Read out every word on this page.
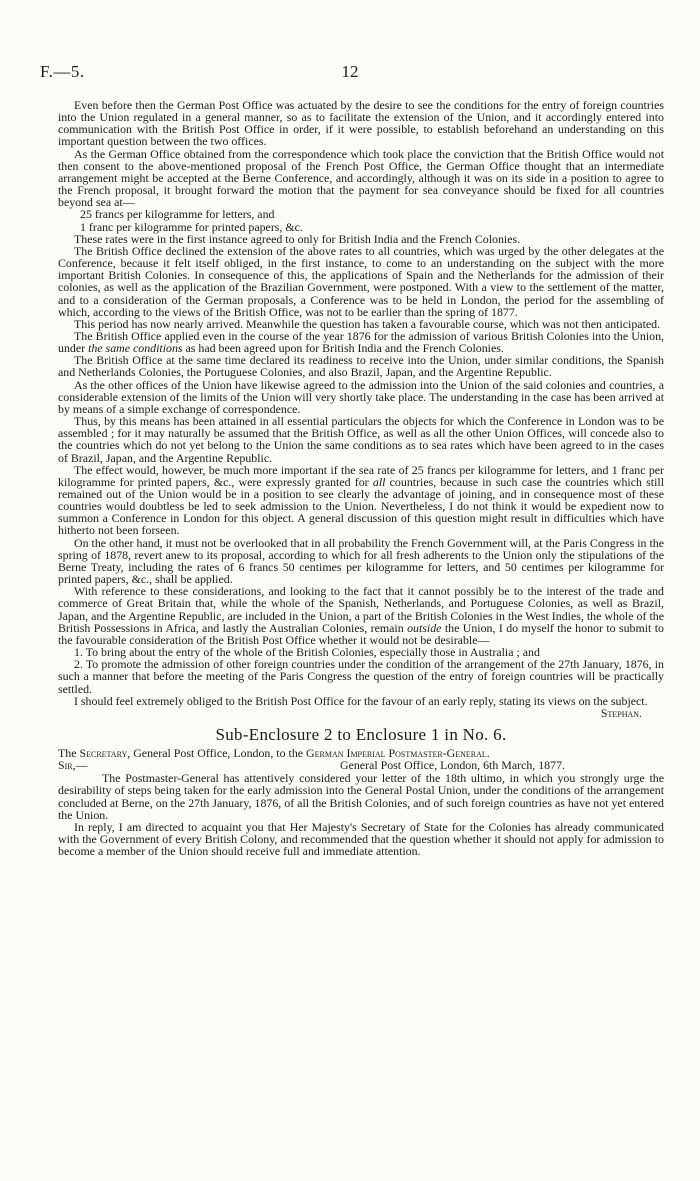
F.—5.	12

Even before then the German Post Office was actuated by the desire to see the conditions for the entry of foreign countries into the Union regulated in a general manner, so as to facilitate the extension of the Union, and it accordingly entered into communication with the British Post Office in order, if it were possible, to establish beforehand an understanding on this important question between the two offices.

As the German Office obtained from the correspondence which took place the conviction that the British Office would not then consent to the above-mentioned proposal of the French Post Office, the German Office thought that an intermediate arrangement might be accepted at the Berne Conference, and accordingly, although it was on its side in a position to agree to the French proposal, it brought forward the motion that the payment for sea conveyance should be fixed for all countries beyond sea at—

25 francs per kilogramme for letters, and

1 franc per kilogramme for printed papers, &c.

These rates were in the first instance agreed to only for British India and the French Colonies.

The British Office declined the extension of the above rates to all countries, which was urged by the other delegates at the Conference, because it felt itself obliged, in the first instance, to come to an understanding on the subject with the more important British Colonies. In consequence of this, the applications of Spain and the Netherlands for the admission of their colonies, as well as the application of the Brazilian Government, were postponed. With a view to the settlement of the matter, and to a consideration of the German proposals, a Conference was to be held in London, the period for the assembling of which, according to the views of the British Office, was not to be earlier than the spring of 1877.

This period has now nearly arrived. Meanwhile the question has taken a favourable course, which was not then anticipated.

The British Office applied even in the course of the year 1876 for the admission of various British Colonies into the Union, under the same conditions as had been agreed upon for British India and the French Colonies.

The British Office at the same time declared its readiness to receive into the Union, under similar conditions, the Spanish and Netherlands Colonies, the Portuguese Colonies, and also Brazil, Japan, and the Argentine Republic.

As the other offices of the Union have likewise agreed to the admission into the Union of the said colonies and countries, a considerable extension of the limits of the Union will very shortly take place. The understanding in the case has been arrived at by means of a simple exchange of correspondence.

Thus, by this means has been attained in all essential particulars the objects for which the Conference in London was to be assembled ; for it may naturally be assumed that the British Office, as well as all the other Union Offices, will concede also to the countries which do not yet belong to the Union the same conditions as to sea rates which have been agreed to in the cases of Brazil, Japan, and the Argentine Republic.

The effect would, however, be much more important if the sea rate of 25 francs per kilogramme for letters, and 1 franc per kilogramme for printed papers, &c., were expressly granted for all countries, because in such case the countries which still remained out of the Union would be in a position to see clearly the advantage of joining, and in consequence most of these countries would doubtless be led to seek admission to the Union. Nevertheless, I do not think it would be expedient now to summon a Conference in London for this object. A general discussion of this question might result in difficulties which have hitherto not been forseen.

On the other hand, it must not be overlooked that in all probability the French Government will, at the Paris Congress in the spring of 1878, revert anew to its proposal, according to which for all fresh adherents to the Union only the stipulations of the Berne Treaty, including the rates of 6 francs 50 centimes per kilogramme for letters, and 50 centimes per kilogramme for printed papers, &c., shall be applied.

With reference to these considerations, and looking to the fact that it cannot possibly be to the interest of the trade and commerce of Great Britain that, while the whole of the Spanish, Netherlands, and Portuguese Colonies, as well as Brazil, Japan, and the Argentine Republic, are included in the Union, a part of the British Colonies in the West Indies, the whole of the British Possessions in Africa, and lastly the Australian Colonies, remain outside the Union, I do myself the honor to submit to the favourable consideration of the British Post Office whether it would not be desirable—

1. To bring about the entry of the whole of the British Colonies, especially those in Australia ; and

2. To promote the admission of other foreign countries under the condition of the arrangement of the 27th January, 1876, in such a manner that before the meeting of the Paris Congress the question of the entry of foreign countries will be practically settled.

I should feel extremely obliged to the British Post Office for the favour of an early reply, stating its views on the subject.

Stephan.

Sub-Enclosure 2 to Enclosure 1 in No. 6.

The Secretary, General Post Office, London, to the German Imperial Postmaster-General.

Sir,—	General Post Office, London, 6th March, 1877.

The Postmaster-General has attentively considered your letter of the 18th ultimo, in which you strongly urge the desirability of steps being taken for the early admission into the General Postal Union, under the conditions of the arrangement concluded at Berne, on the 27th January, 1876, of all the British Colonies, and of such foreign countries as have not yet entered the Union.

In reply, I am directed to acquaint you that Her Majesty's Secretary of State for the Colonies has already communicated with the Government of every British Colony, and recommended that the question whether it should not apply for admission to become a member of the Union should receive full and immediate attention.
